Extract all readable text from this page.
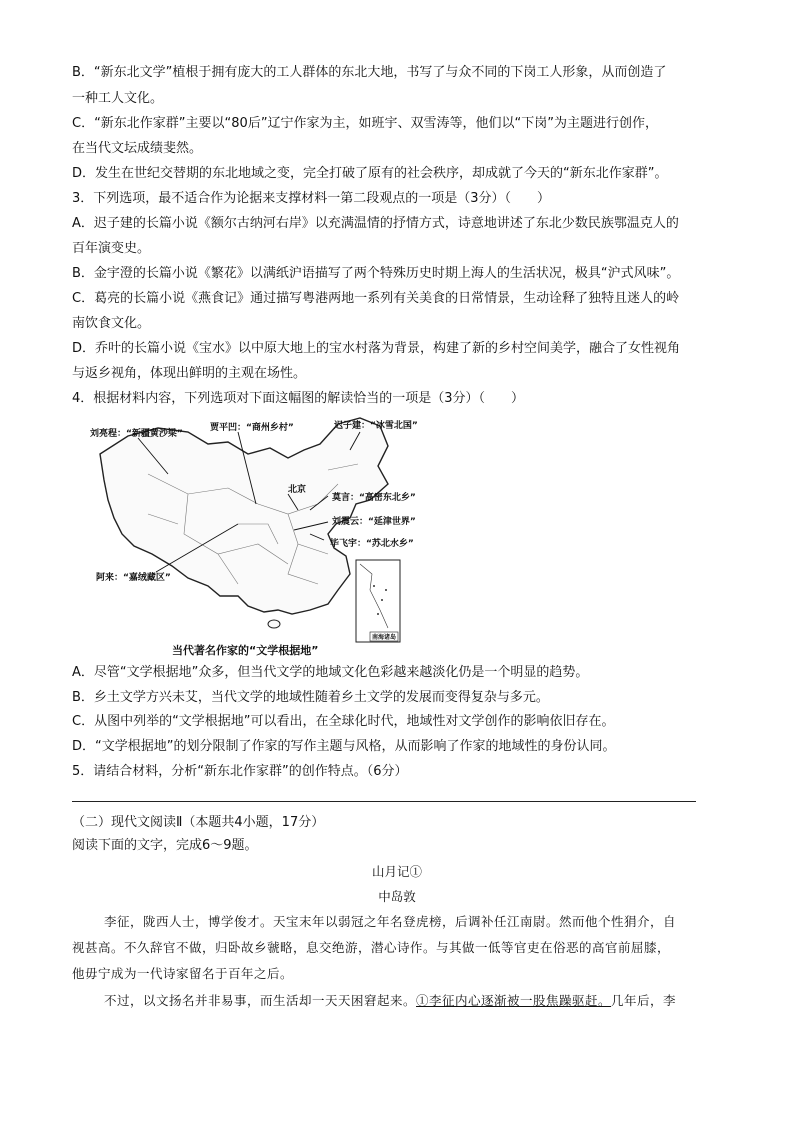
B．“新东北文学”植根于拥有庞大的工人群体的东北大地，书写了与众不同的下岗工人形象，从而创造了
一种工人文化。
C．“新东北作家群”主要以“80后”辽宁作家为主，如班宇、双雪涛等，他们以“下岗”为主题进行创作，
在当代文坛成绩斐然。
D．发生在世纪交替期的东北地域之变，完全打破了原有的社会秩序，却成就了今天的“新东北作家群”。
3．下列选项，最不适合作为论据来支撑材料一第二段观点的一项是（3分）（　　）
A．迟子建的长篇小说《额尔古纳河右岸》以充满温情的抒情方式，诗意地讲述了东北少数民族鄂温克人的
百年演变史。
B．金宇澄的长篇小说《繁花》以满纸沪语描写了两个特殊历史时期上海人的生活状况，极具“沪式风味”。
C．葛亮的长篇小说《燕食记》通过描写粤港两地一系列有关美食的日常情景，生动诠释了独特且迷人的岭
南饮食文化。
D．乔叶的长篇小说《宝水》以中原大地上的宝水村落为背景，构建了新的乡村空间美学，融合了女性视角
与返乡视角，体现出鲜明的主观在场性。
4．根据材料内容，下列选项对下面这幅图的解读恰当的一项是（3分）（　　）
南海诸岛
刘亮程：“新疆黄沙梁”
贾平凹：“商州乡村”	迟子建：“冰雪北国”
北京
莫言：“高密东北乡”
刘震云：“延津世界”
毕飞宇：“苏北水乡”
阿来：“嘉绒藏区”
当代著名作家的“文学根据地”
A．尽管“文学根据地”众多，但当代文学的地域文化色彩越来越淡化仍是一个明显的趋势。
B．乡土文学方兴未艾，当代文学的地域性随着乡土文学的发展而变得复杂与多元。
C．从图中列举的“文学根据地”可以看出，在全球化时代，地域性对文学创作的影响依旧存在。
D．“文学根据地”的划分限制了作家的写作主题与风格，从而影响了作家的地域性的身份认同。
5．请结合材料，分析“新东北作家群”的创作特点。（6分）
（二）现代文阅读Ⅱ（本题共4小题，17分）
阅读下面的文字，完成6～9题。
山月记①
中岛敦
李征，陇西人士，博学俊才。天宝末年以弱冠之年名登虎榜，后调补任江南尉。然而他个性狷介，自
视甚高。不久辞官不做，归卧故乡虢略，息交绝游，潜心诗作。与其做一低等官吏在俗恶的高官前屈膝，
他毋宁成为一代诗家留名于百年之后。
不过，以文扬名并非易事，而生活却一天天困窘起来。①李征内心逐渐被一股焦躁驱赶。几年后，李
